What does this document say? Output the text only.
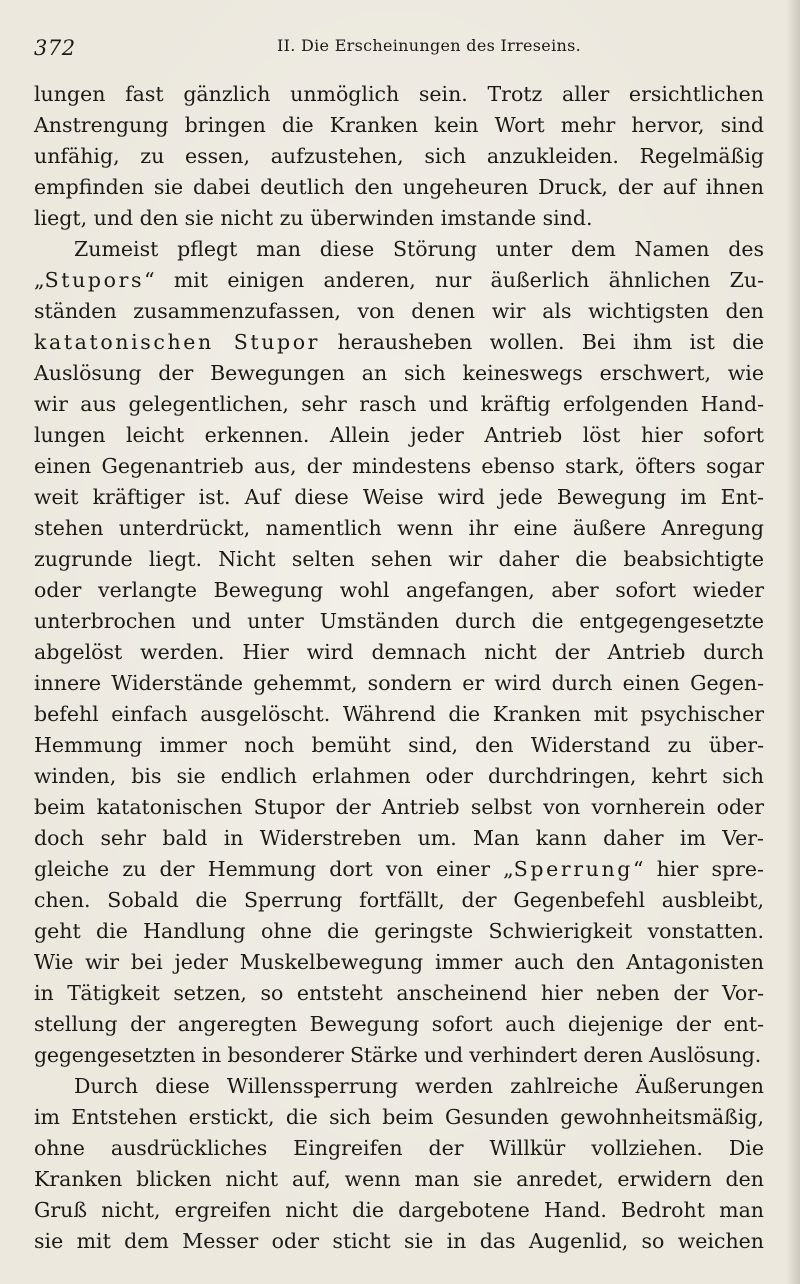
372	II. Die Erscheinungen des Irreseins.
lungen fast gänzlich unmöglich sein. Trotz aller ersichtlichen
Anstrengung bringen die Kranken kein Wort mehr hervor, sind
unfähig, zu essen, aufzustehen, sich anzukleiden. Regelmäßig
empfinden sie dabei deutlich den ungeheuren Druck, der auf ihnen
liegt, und den sie nicht zu überwinden imstande sind.
Zumeist pflegt man diese Störung unter dem Namen des
„Stupors“ mit einigen anderen, nur äußerlich ähnlichen Zu-
ständen zusammenzufassen, von denen wir als wichtigsten den
katatonischen Stupor herausheben wollen. Bei ihm ist die
Auslösung der Bewegungen an sich keineswegs erschwert, wie
wir aus gelegentlichen, sehr rasch und kräftig erfolgenden Hand-
lungen leicht erkennen. Allein jeder Antrieb löst hier sofort
einen Gegenantrieb aus, der mindestens ebenso stark, öfters sogar
weit kräftiger ist. Auf diese Weise wird jede Bewegung im Ent-
stehen unterdrückt, namentlich wenn ihr eine äußere Anregung
zugrunde liegt. Nicht selten sehen wir daher die beabsichtigte
oder verlangte Bewegung wohl angefangen, aber sofort wieder
unterbrochen und unter Umständen durch die entgegengesetzte
abgelöst werden. Hier wird demnach nicht der Antrieb durch
innere Widerstände gehemmt, sondern er wird durch einen Gegen-
befehl einfach ausgelöscht. Während die Kranken mit psychischer
Hemmung immer noch bemüht sind, den Widerstand zu über-
winden, bis sie endlich erlahmen oder durchdringen, kehrt sich
beim katatonischen Stupor der Antrieb selbst von vornherein oder
doch sehr bald in Widerstreben um. Man kann daher im Ver-
gleiche zu der Hemmung dort von einer „Sperrung“ hier spre-
chen. Sobald die Sperrung fortfällt, der Gegenbefehl ausbleibt,
geht die Handlung ohne die geringste Schwierigkeit vonstatten.
Wie wir bei jeder Muskelbewegung immer auch den Antagonisten
in Tätigkeit setzen, so entsteht anscheinend hier neben der Vor-
stellung der angeregten Bewegung sofort auch diejenige der ent-
gegengesetzten in besonderer Stärke und verhindert deren Auslösung.
Durch diese Willenssperrung werden zahlreiche Äußerungen
im Entstehen erstickt, die sich beim Gesunden gewohnheitsmäßig,
ohne ausdrückliches Eingreifen der Willkür vollziehen. Die
Kranken blicken nicht auf, wenn man sie anredet, erwidern den
Gruß nicht, ergreifen nicht die dargebotene Hand. Bedroht man
sie mit dem Messer oder sticht sie in das Augenlid, so weichen
